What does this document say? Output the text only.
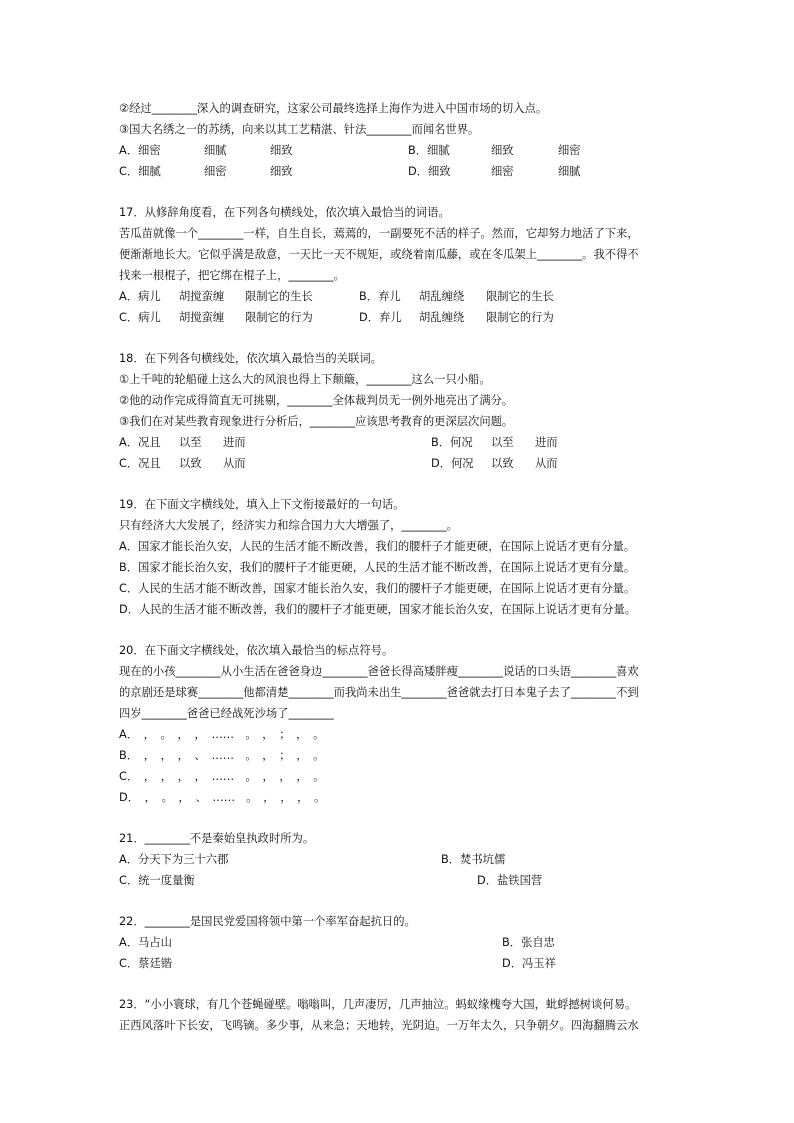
②经过________深入的调查研究，这家公司最终选择上海作为进入中国市场的切入点。
③国大名绣之一的苏绣，向来以其工艺精湛、针法________而闻名世界。
A．细密	细腻	细致	B．细腻	细致	细密
C．细腻	细密	细致	D．细致	细密	细腻
17．从修辞角度看，在下列各句横线处，依次填入最恰当的词语。
苦瓜苗就像一个________一样，自生自长，蔫蔫的，一副要死不活的样子。然而，它却努力地活了下来，
便渐渐地长大。它似乎满是敌意，一天比一天不规矩，或绕着南瓜藤，或在冬瓜架上________。我不得不
找来一根棍子，把它绑在棍子上，________。
A．病儿 胡搅蛮缠 限制它的生长	B．弃儿 胡乱缠绕 限制它的生长
C．病儿 胡搅蛮缠 限制它的行为	D．弃儿 胡乱缠绕 限制它的行为
18．在下列各句横线处，依次填入最恰当的关联词。
①上千吨的轮船碰上这么大的风浪也得上下颠簸，________这么一只小船。
②他的动作完成得简直无可挑剔，________全体裁判员无一例外地亮出了满分。
③我们在对某些教育现象进行分析后，________应该思考教育的更深层次问题。
A．况且 以至 进而	B．何况 以至 进而
C．况且 以致 从而	D．何况 以致 从而
19．在下面文字横线处，填入上下文衔接最好的一句话。
只有经济大大发展了，经济实力和综合国力大大增强了，________。
A．国家才能长治久安，人民的生活才能不断改善，我们的腰杆子才能更硬，在国际上说话才更有分量。
B．国家才能长治久安，我们的腰杆子才能更硬，人民的生活才能不断改善，在国际上说话才更有分量。
C．人民的生活才能不断改善，国家才能长治久安，我们的腰杆子才能更硬，在国际上说话才更有分量。
D．人民的生活才能不断改善，我们的腰杆子才能更硬，国家才能长治久安，在国际上说话才更有分量。
20．在下面文字横线处，依次填入最恰当的标点符号。
现在的小孩________从小生活在爸爸身边________爸爸长得高矮胖瘦________说话的口头语________喜欢
的京剧还是球赛________他都清楚________而我尚未出生________爸爸就去打日本鬼子去了________不到
四岁________爸爸已经战死沙场了________
A．　，　。　，　，　……　。　，　；　，　。
B．　，　，　，　、　……　。　，　；　，　。
C．　，　，　，　，　……　。　，　，　，　。
D．　，　。　，　、　……　。　，　，　，　。
21．________不是秦始皇执政时所为。
A．分天下为三十六郡	B．焚书坑儒
C．统一度量衡	D．盐铁国营
22．________是国民党爱国将领中第一个率军奋起抗日的。
A．马占山	B．张自忠
C．蔡廷锴	D．冯玉祥
23．“小小寰球，有几个苍蝇碰壁。嗡嗡叫，几声凄厉，几声抽泣。蚂蚁缘槐夸大国，蚍蜉撼树谈何易。
正西风落叶下长安，飞鸣镝。多少事，从来急；天地转，光阴迫。一万年太久，只争朝夕。四海翻腾云水
